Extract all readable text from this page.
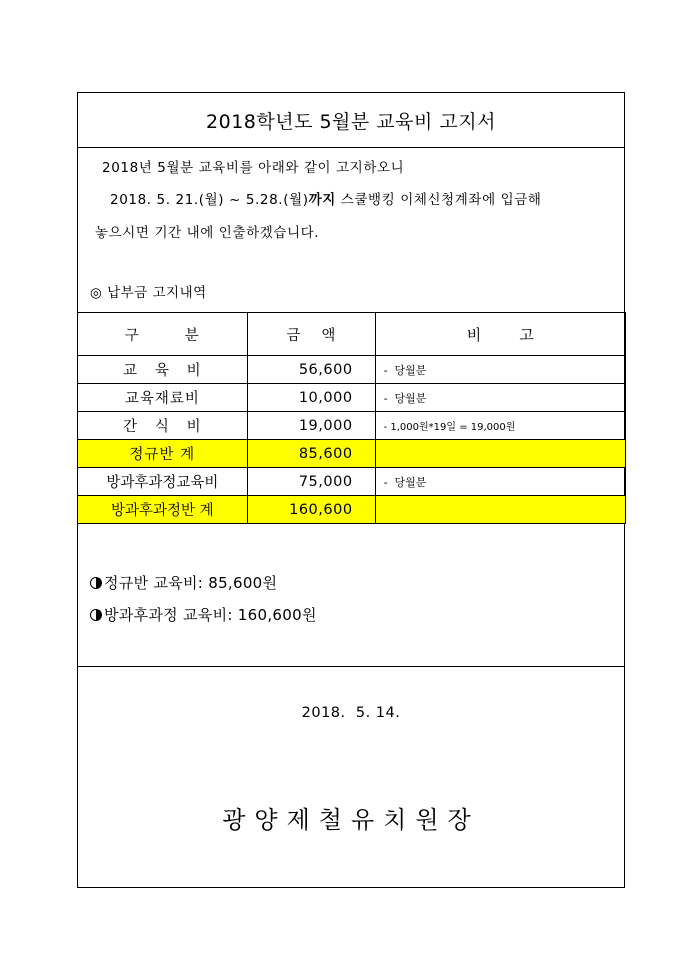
2018학년도 5월분 교육비 고지서
2018년 5월분 교육비를 아래와 같이 고지하오니
2018. 5. 21.(월) ~ 5.28.(월)까지 스쿨뱅킹 이체신청계좌에 입금해
놓으시면 기간 내에 인출하겠습니다.
◎ 납부금 고지내역
구        분	금    액	비        고
교   육   비	56,600	-  당월분
교육재료비	10,000	-  당월분
간   식   비	19,000	- 1,000원*19일 = 19,000원
정규반 계	85,600	
방과후과정교육비	75,000	-  당월분
방과후과정반 계	160,600	
정규반 교육비: 85,600원
방과후과정 교육비: 160,600원
2018.  5. 14.
광양제철유치원장
